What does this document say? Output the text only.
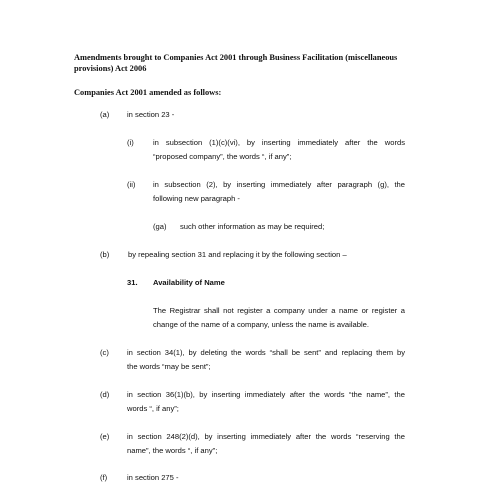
Amendments brought to Companies Act 2001 through Business Facilitation (miscellaneous provisions) Act 2006
Companies Act 2001 amended as follows:
(a) in section 23 -
(i)	in subsection (1)(c)(vi), by inserting immediately after the words
“proposed company”, the words “, if any”;
(ii) in subsection (2), by inserting immediately after paragraph (g), the
following new paragraph -
(ga) such other information as may be required;
(b) by repealing section 31 and replacing it by the following section –
31. Availability of Name
The Registrar shall not register a company under a name or register a
change of the name of a company, unless the name is available.
(c) in section 34(1), by deleting the words “shall be sent” and replacing them by
the words “may be sent”;
(d) in section 36(1)(b), by inserting immediately after the words “the name”, the
words “, if any”;
(e) in section 248(2)(d), by inserting immediately after the words “reserving the
name”, the words “, if any”;
(f)	in section 275 -
